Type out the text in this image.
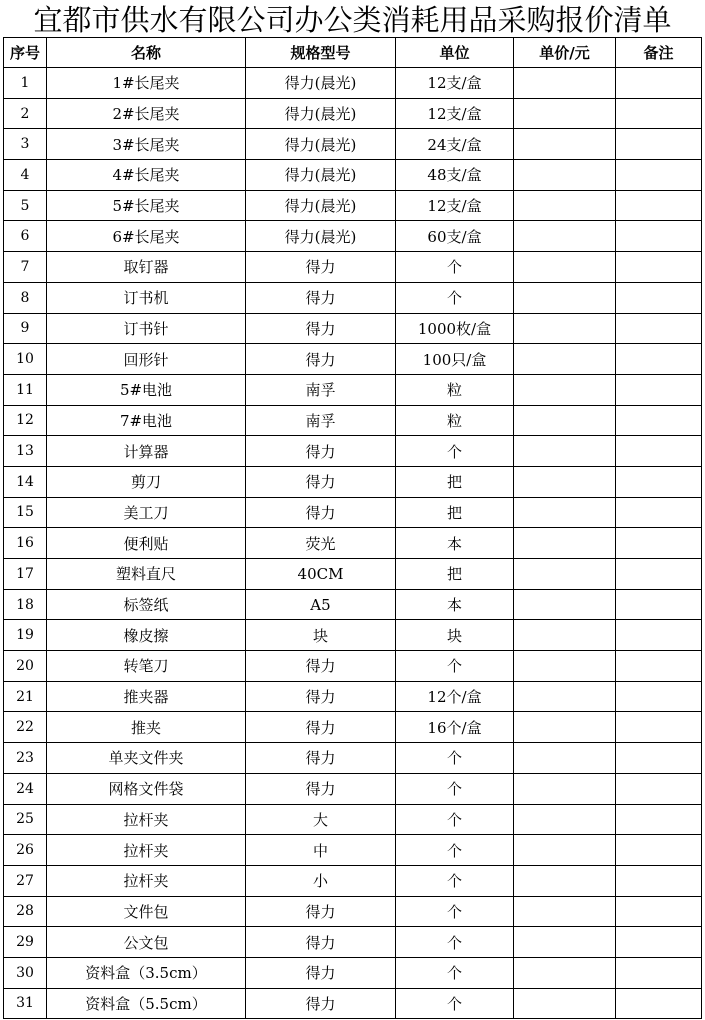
宜都市供水有限公司办公类消耗用品采购报价清单
序号	名称	规格型号	单位	单价/元	备注
1	1#长尾夹	得力(晨光)	12支/盒		
2	2#长尾夹	得力(晨光)	12支/盒		
3	3#长尾夹	得力(晨光)	24支/盒		
4	4#长尾夹	得力(晨光)	48支/盒		
5	5#长尾夹	得力(晨光)	12支/盒		
6	6#长尾夹	得力(晨光)	60支/盒		
7	取钉器	得力	个		
8	订书机	得力	个		
9	订书针	得力	1000枚/盒		
10	回形针	得力	100只/盒		
11	5#电池	南孚	粒		
12	7#电池	南孚	粒		
13	计算器	得力	个		
14	剪刀	得力	把		
15	美工刀	得力	把		
16	便利贴	荧光	本		
17	塑料直尺	40CM	把		
18	标签纸	A5	本		
19	橡皮擦	块	块		
20	转笔刀	得力	个		
21	推夹器	得力	12个/盒		
22	推夹	得力	16个/盒		
23	单夹文件夹	得力	个		
24	网格文件袋	得力	个		
25	拉杆夹	大	个		
26	拉杆夹	中	个		
27	拉杆夹	小	个		
28	文件包	得力	个		
29	公文包	得力	个		
30	资料盒（3.5cm）	得力	个		
31	资料盒（5.5cm）	得力	个		
